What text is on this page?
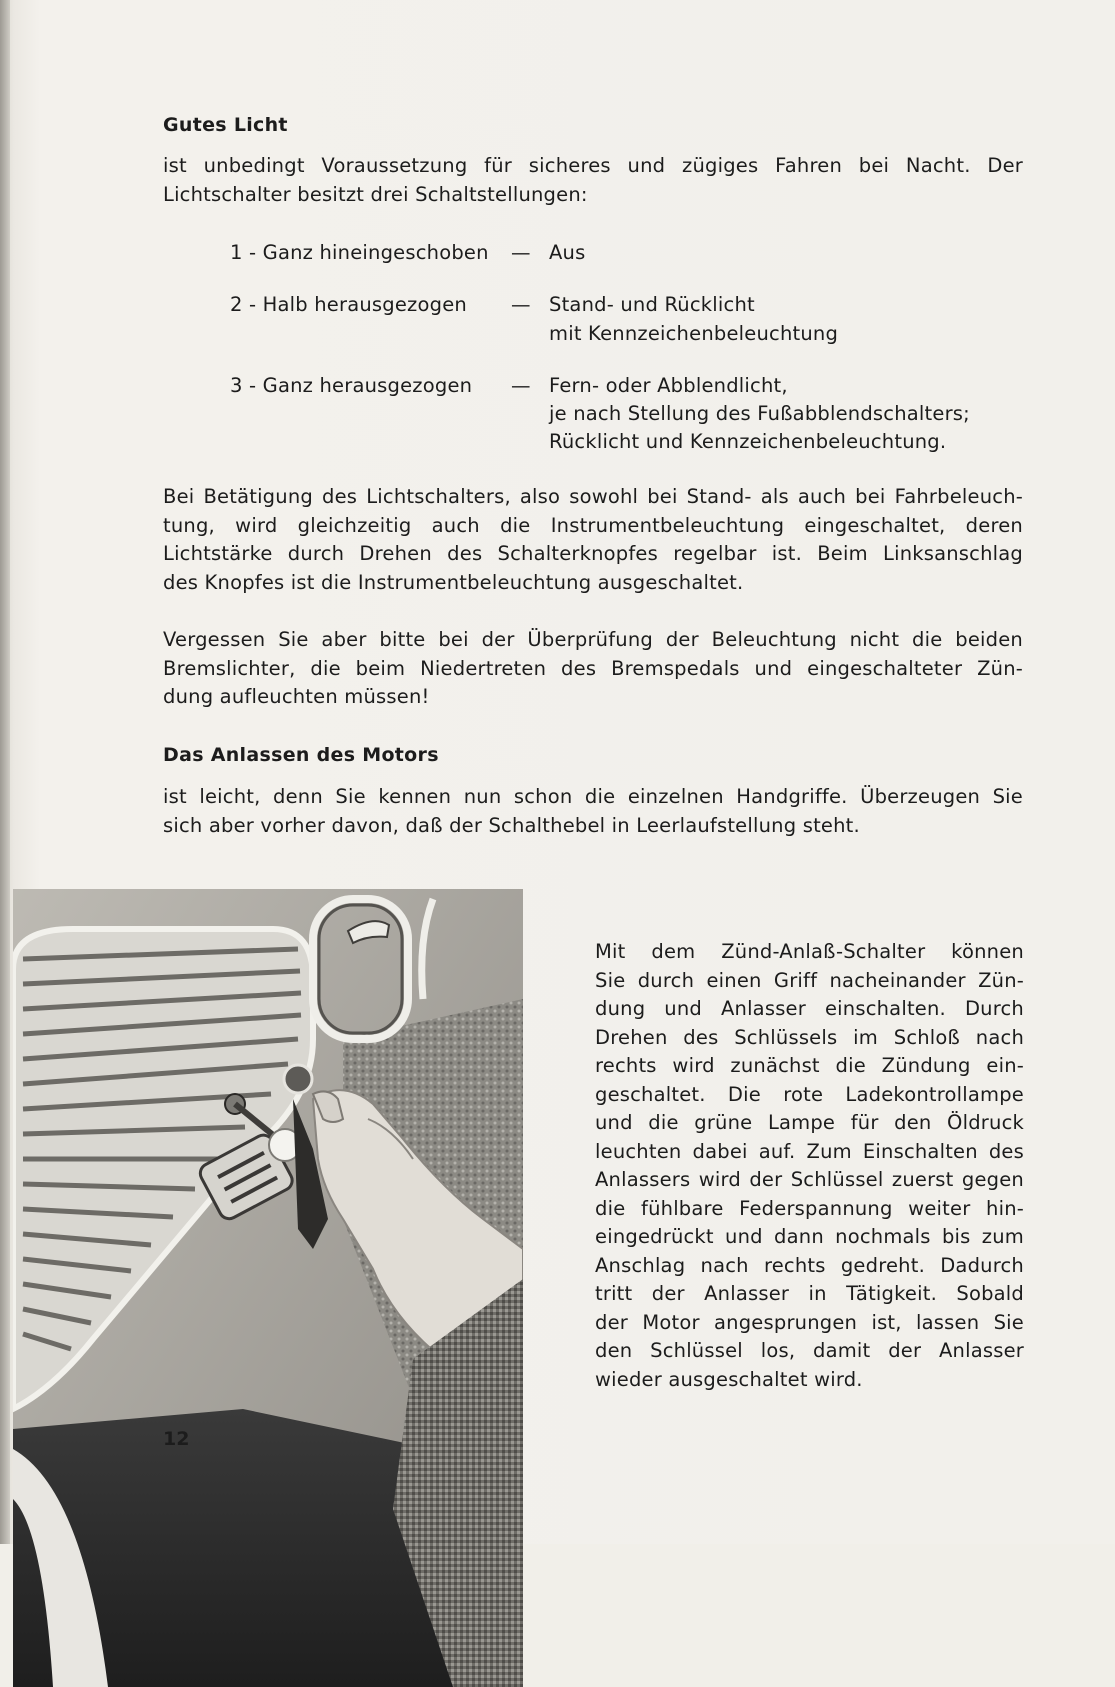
Gutes Licht
ist unbedingt Voraussetzung für sicheres und zügiges Fahren bei Nacht. Der
Lichtschalter besitzt drei Schaltstellungen:
1 - Ganz hineingeschoben — Aus
2 - Halb herausgezogen — Stand- und Rücklicht
mit Kennzeichenbeleuchtung
3 - Ganz herausgezogen — Fern- oder Abblendlicht,
je nach Stellung des Fußabblendschalters;
Rücklicht und Kennzeichenbeleuchtung.
Bei Betätigung des Lichtschalters, also sowohl bei Stand- als auch bei Fahrbeleuch-
tung, wird gleichzeitig auch die Instrumentbeleuchtung eingeschaltet, deren
Lichtstärke durch Drehen des Schalterknopfes regelbar ist. Beim Linksanschlag
des Knopfes ist die Instrumentbeleuchtung ausgeschaltet.
Vergessen Sie aber bitte bei der Überprüfung der Beleuchtung nicht die beiden
Bremslichter, die beim Niedertreten des Bremspedals und eingeschalteter Zün-
dung aufleuchten müssen!
Das Anlassen des Motors
ist leicht, denn Sie kennen nun schon die einzelnen Handgriffe. Überzeugen Sie
sich aber vorher davon, daß der Schalthebel in Leerlaufstellung steht.
Mit dem Zünd-Anlaß-Schalter können
Sie durch einen Griff nacheinander Zün-
dung und Anlasser einschalten. Durch
Drehen des Schlüssels im Schloß nach
rechts wird zunächst die Zündung ein-
geschaltet. Die rote Ladekontrollampe
und die grüne Lampe für den Öldruck
leuchten dabei auf. Zum Einschalten des
Anlassers wird der Schlüssel zuerst gegen
die fühlbare Federspannung weiter hin-
eingedrückt und dann nochmals bis zum
Anschlag nach rechts gedreht. Dadurch
tritt der Anlasser in Tätigkeit. Sobald
der Motor angesprungen ist, lassen Sie
den Schlüssel los, damit der Anlasser
wieder ausgeschaltet wird.
12
